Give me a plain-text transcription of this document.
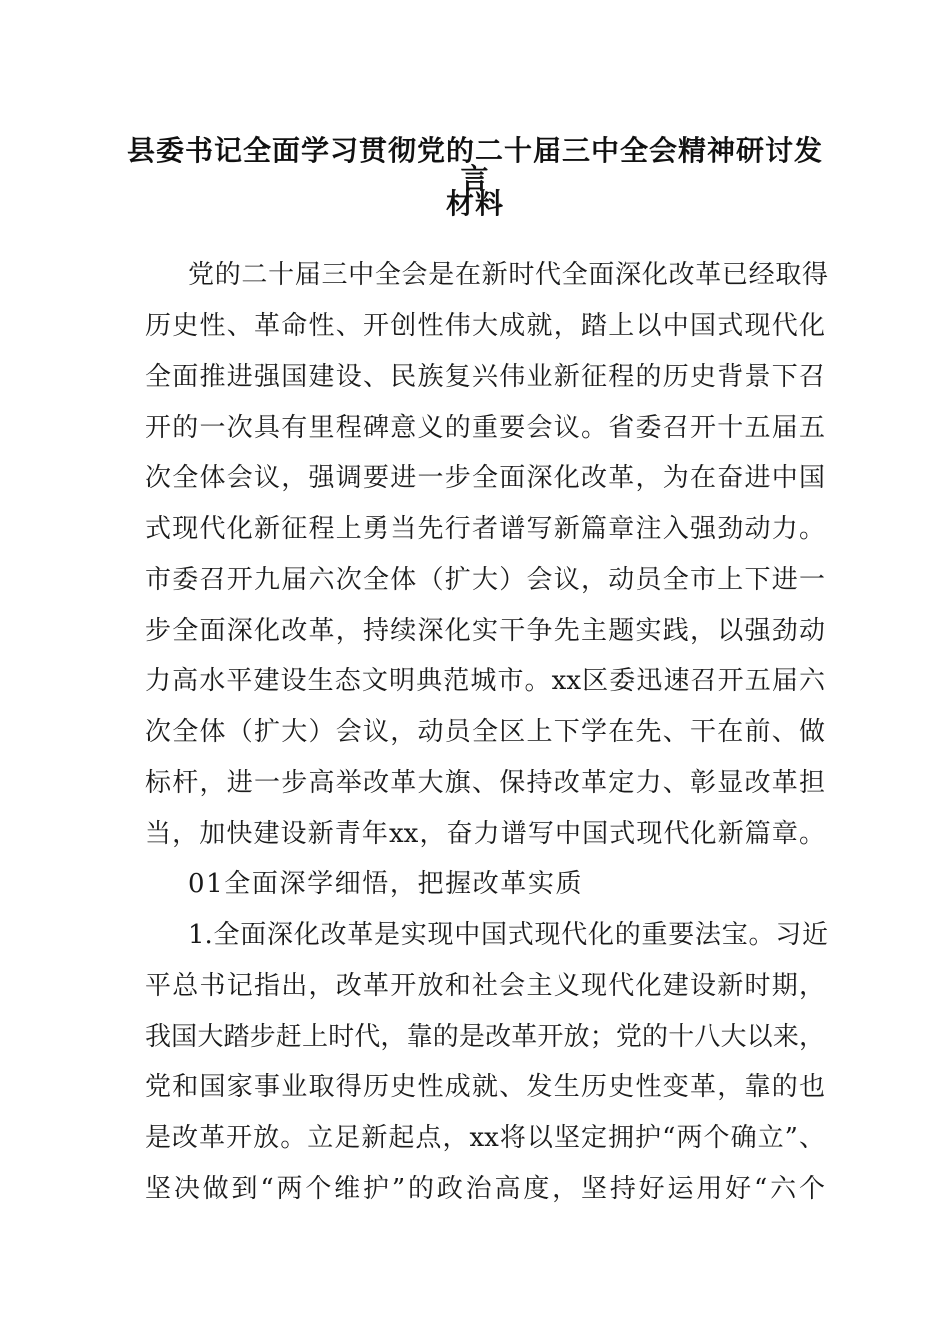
县委书记全面学习贯彻党的二十届三中全会精神研讨发言
材料
党的二十届三中全会是在新时代全面深化改革已经取得
历史性、革命性、开创性伟大成就，踏上以中国式现代化
全面推进强国建设、民族复兴伟业新征程的历史背景下召
开的一次具有里程碑意义的重要会议。省委召开十五届五
次全体会议，强调要进一步全面深化改革，为在奋进中国
式现代化新征程上勇当先行者谱写新篇章注入强劲动力。
市委召开九届六次全体（扩大）会议，动员全市上下进一
步全面深化改革，持续深化实干争先主题实践，以强劲动
力高水平建设生态文明典范城市。xx区委迅速召开五届六
次全体（扩大）会议，动员全区上下学在先、干在前、做
标杆，进一步高举改革大旗、保持改革定力、彰显改革担
当，加快建设新青年xx，奋力谱写中国式现代化新篇章。
01全面深学细悟，把握改革实质
1.全面深化改革是实现中国式现代化的重要法宝。习近
平总书记指出，改革开放和社会主义现代化建设新时期，
我国大踏步赶上时代，靠的是改革开放；党的十八大以来，
党和国家事业取得历史性成就、发生历史性变革，靠的也
是改革开放。立足新起点，xx将以坚定拥护“两个确立”、
坚决做到“两个维护”的政治高度，坚持好运用好“六个
